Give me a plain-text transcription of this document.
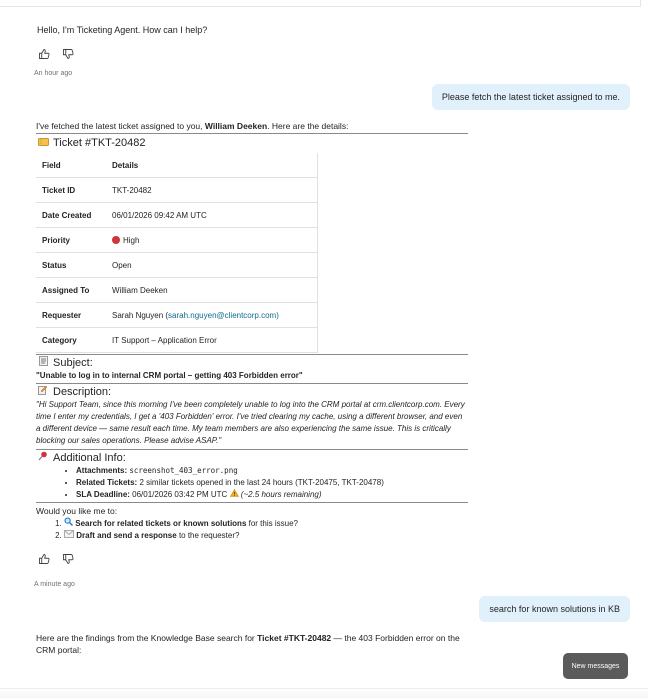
Hello, I'm Ticketing Agent. How can I help?
An hour ago
Please fetch the latest ticket assigned to me.
I've fetched the latest ticket assigned to you, William Deeken. Here are the details:
Ticket #TKT-20482
Field	Details
Ticket ID	TKT-20482
Date Created	06/01/2026 09:42 AM UTC
Priority	High
Status	Open
Assigned To	William Deeken
Requester	Sarah Nguyen (sarah.nguyen@clientcorp.com)
Category	IT Support – Application Error
Subject:
"Unable to log in to internal CRM portal – getting 403 Forbidden error"
Description:
"Hi Support Team, since this morning I've been completely unable to log into the CRM portal at crm.clientcorp.com. Every time I enter my credentials, I get a '403 Forbidden' error. I've tried clearing my cache, using a different browser, and even a different device — same result each time. My team members are also experiencing the same issue. This is critically blocking our sales operations. Please advise ASAP."
Additional Info:
• Attachments: screenshot_403_error.png
• Related Tickets: 2 similar tickets opened in the last 24 hours (TKT-20475, TKT-20478)
• SLA Deadline: 06/01/2026 03:42 PM UTC  (~2.5 hours remaining)
Would you like me to:
1. Search for related tickets or known solutions for this issue?
2. Draft and send a response to the requester?
A minute ago
search for known solutions in KB
Here are the findings from the Knowledge Base search for Ticket #TKT-20482 — the 403 Forbidden error on the CRM portal:
New messages
